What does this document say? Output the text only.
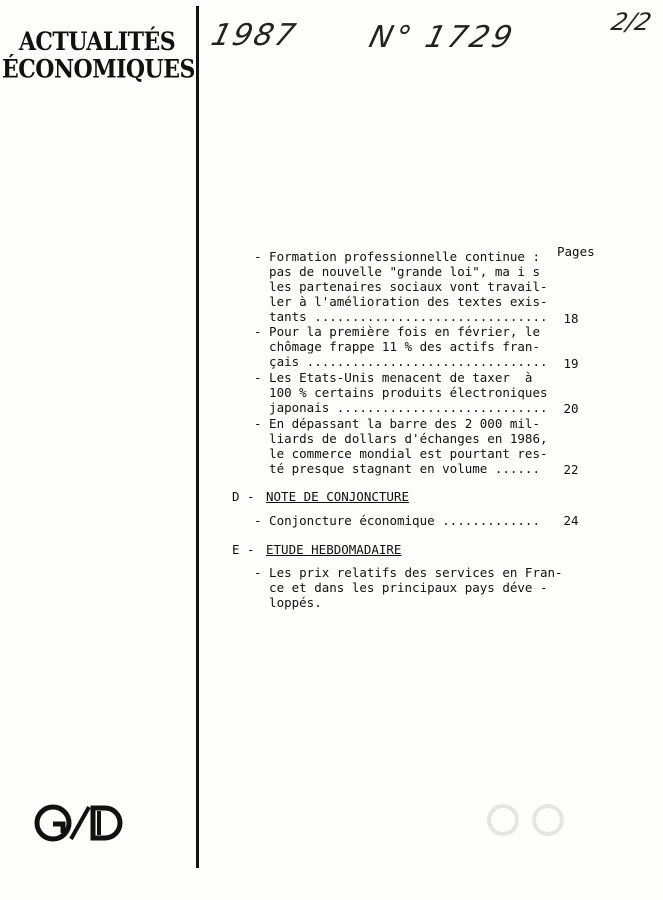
ACTUALITÉS
ÉCONOMIQUES
1987 N° 1729	2/2
Pages
- Formation professionnelle continue :
pas de nouvelle "grande loi", ma i s
les partenaires sociaux vont travail-
ler à l'amélioration des textes exis-
tants ...............................	18
- Pour la première fois en février, le
chômage frappe 11 % des actifs fran-
çais ................................	19
- Les Etats-Unis menacent de taxer  à
100 % certains produits électroniques
japonais ............................	20
- En dépassant la barre des 2 000 mil-
liards de dollars d'échanges en 1986,
le commerce mondial est pourtant res-
té presque stagnant en volume ......	22
D - NOTE DE CONJONCTURE
- Conjoncture économique .............	24
E - ETUDE HEBDOMADAIRE
- Les prix relatifs des services en Fran-
ce et dans les principaux pays déve -
loppés.
